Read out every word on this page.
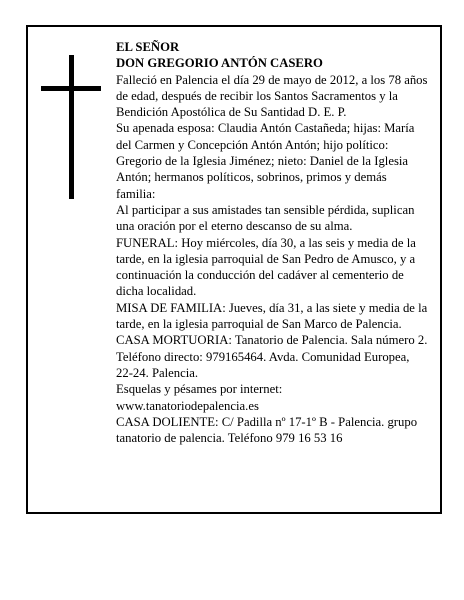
EL SEÑOR

DON GREGORIO ANTÓN CASERO

Falleció en Palencia el día 29 de mayo de 2012, a los 78 años de edad, después de recibir los Santos Sacramentos y la Bendición Apostólica de Su Santidad D. E. P.

Su apenada esposa: Claudia Antón Castañeda; hijas: María del Carmen y Concepción Antón Antón; hijo político: Gregorio de la Iglesia Jiménez; nieto: Daniel de la Iglesia Antón; hermanos políticos, sobrinos, primos y demás familia:

Al participar a sus amistades tan sensible pérdida, suplican una oración por el eterno descanso de su alma.

FUNERAL: Hoy miércoles, día 30, a las seis y media de la tarde, en la iglesia parroquial de San Pedro de Amusco, y a continuación la conducción del cadáver al cementerio de dicha localidad.

MISA DE FAMILIA: Jueves, día 31, a las siete y media de la tarde, en la iglesia parroquial de San Marco de Palencia.

CASA MORTUORIA: Tanatorio de Palencia. Sala número 2. Teléfono directo: 979165464. Avda. Comunidad Europea, 22-24. Palencia.

Esquelas y pésames por internet: www.tanatoriodepalencia.es

CASA DOLIENTE: C/ Padilla nº 17-1º B - Palencia. grupo tanatorio de palencia. Teléfono 979 16 53 16
